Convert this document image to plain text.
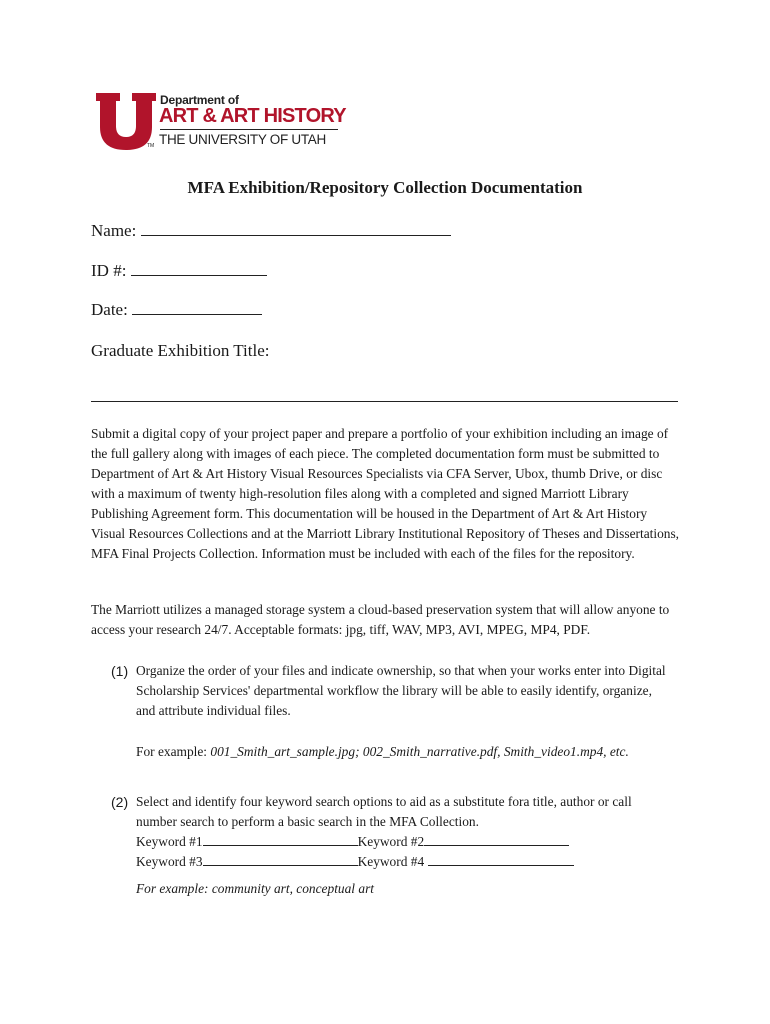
TM
Department of
ART & ART HISTORY
THE UNIVERSITY OF UTAH
MFA Exhibition/Repository Collection Documentation
Name:
ID #:
Date:
Graduate Exhibition Title:
Submit a digital copy of your project paper and prepare a portfolio of your exhibition including an image of the full gallery along with images of each piece. The completed documentation form must be submitted to Department of Art & Art History Visual Resources Specialists via CFA Server, Ubox, thumb Drive, or disc with a maximum of twenty high-resolution files along with a completed and signed Marriott Library Publishing Agreement form. This documentation will be housed in the Department of Art & Art History Visual Resources Collections and at the Marriott Library Institutional Repository of Theses and Dissertations, MFA Final Projects Collection. Information must be included with each of the files for the repository.
The Marriott utilizes a managed storage system a cloud-based preservation system that will allow anyone to access your research 24/7. Acceptable formats: jpg, tiff, WAV, MP3, AVI, MPEG, MP4, PDF.
(1) Organize the order of your files and indicate ownership, so that when your works enter into Digital Scholarship Services' departmental workflow the library will be able to easily identify, organize, and attribute individual files.
For example: 001_Smith_art_sample.jpg; 002_Smith_narrative.pdf, Smith_video1.mp4, etc.
(2) Select and identify four keyword search options to aid as a substitute fora title, author or call number search to perform a basic search in the MFA Collection.
Keyword #1	Keyword #2
Keyword #3	Keyword #4
For example: community art, conceptual art
